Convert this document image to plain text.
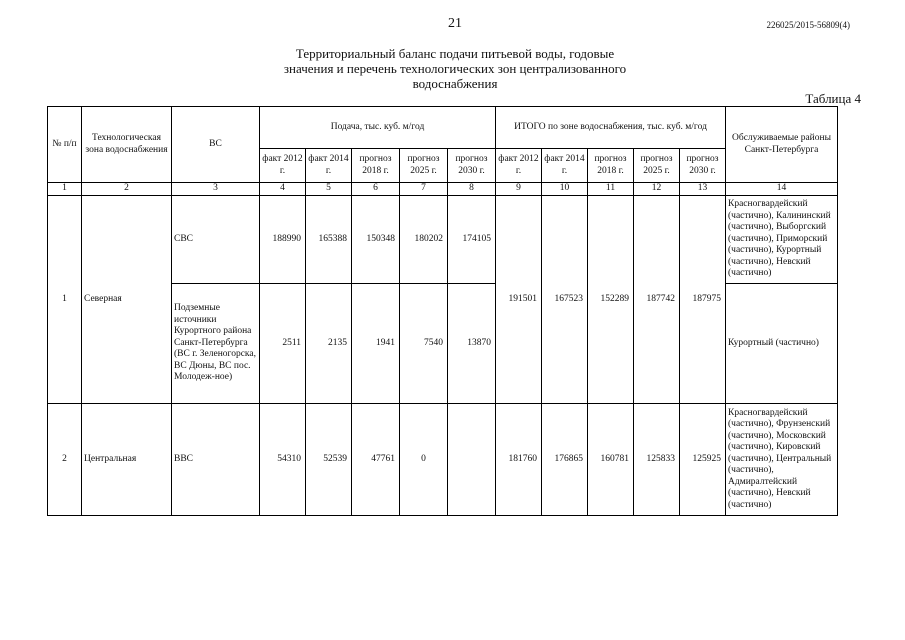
21	226025/2015-56809(4)
Территориальный баланс подачи питьевой воды, годовые
значения и перечень технологических зон централизованного
водоснабжения
Таблица 4
№ п/п	Технологическая зона водоснабжения	ВС	Подача, тыс. куб. м/год					ИТОГО по зоне водоснабжения, тыс. куб. м/год					Обслуживаемые районы Санкт-Петербурга
			факт 2012 г.	факт 2014 г.	прогноз 2018 г.	прогноз 2025 г.	прогноз 2030 г.	факт 2012 г.	факт 2014 г.	прогноз 2018 г.	прогноз 2025 г.	прогноз 2030 г.	
1	2	3	4	5	6	7	8	9	10	11	12	13	14
1	Северная	СВС	188990	165388	150348	180202	174105	191501	167523	152289	187742	187975	Красногвардейский (частично), Калининский (частично), Выборгский (частично), Приморский (частично), Курортный (частично), Невский (частично)
		Подземные источники Курортного района Санкт-Петербурга (ВС г. Зеленогорска, ВС Дюны, ВС пос. Молодеж-ное)	2511	2135	1941	7540	13870						Курортный (частично)
2	Центральная	ВВС	54310	52539	47761	0		181760	176865	160781	125833	125925	Красногвардейский (частично), Фрунзенский (частично), Московский (частично), Кировский (частично), Центральный (частично), Адмиралтейский (частично), Невский (частично)
